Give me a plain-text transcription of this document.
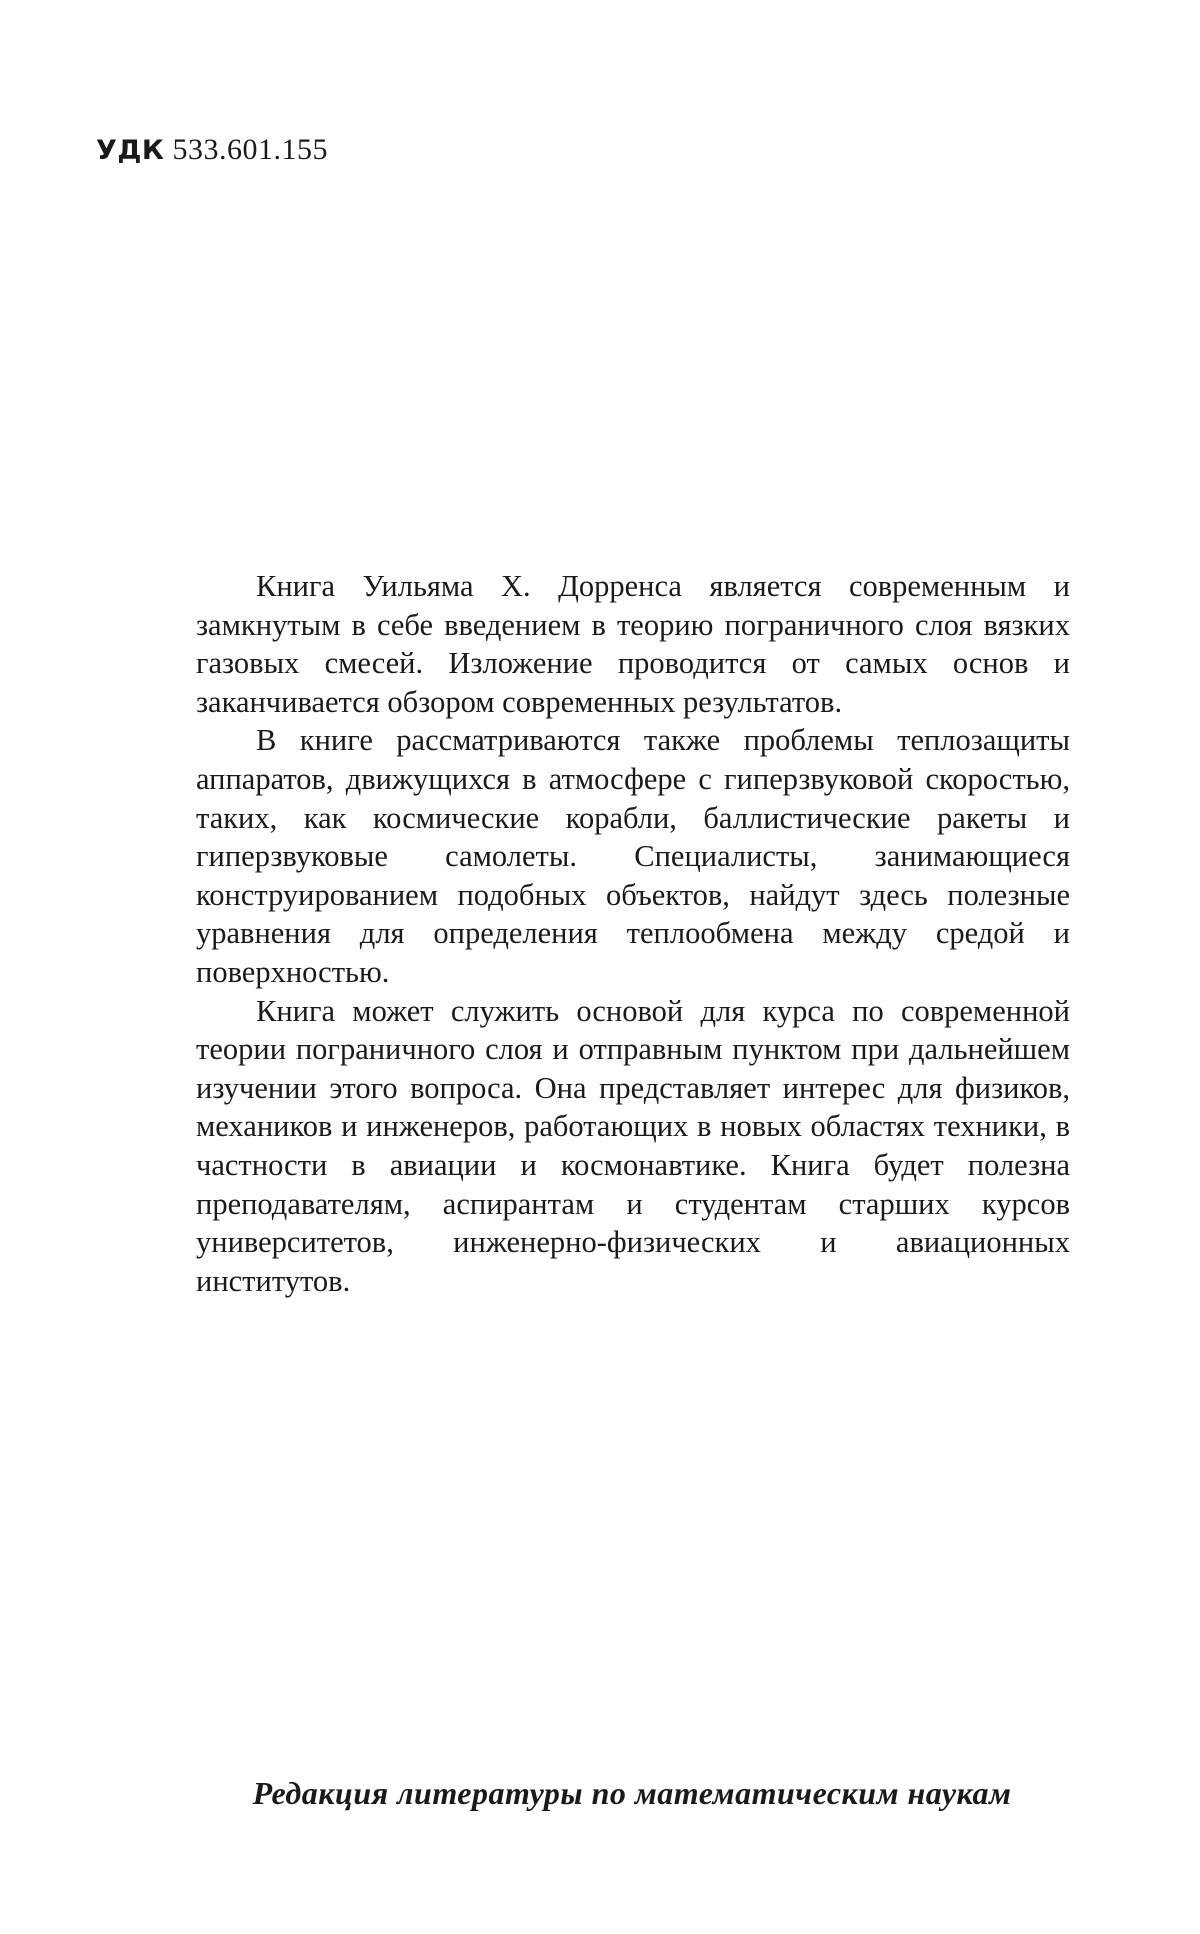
УДК 533.601.155

Книга Уильяма X. Дорренса является современным и замкнутым в себе введением в теорию пограничного слоя вязких газовых смесей. Изложение проводится от самых основ и заканчивается обзором современных результатов.

В книге рассматриваются также проблемы теплозащиты аппаратов, движущихся в атмосфере с гиперзвуковой скоростью, таких, как космические корабли, баллистические ракеты и гиперзвуковые самолеты. Специалисты, занимающиеся конструированием подобных объектов, найдут здесь полезные уравнения для определения теплообмена между средой и поверхностью.

Книга может служить основой для курса по современной теории пограничного слоя и отправным пунктом при дальнейшем изучении этого вопроса. Она представляет интерес для физиков, механиков и инженеров, работающих в новых областях техники, в частности в авиации и космонавтике. Книга будет полезна преподавателям, аспирантам и студентам старших курсов университетов, инженерно-физических и авиационных институтов.

Редакция литературы по математическим наукам
